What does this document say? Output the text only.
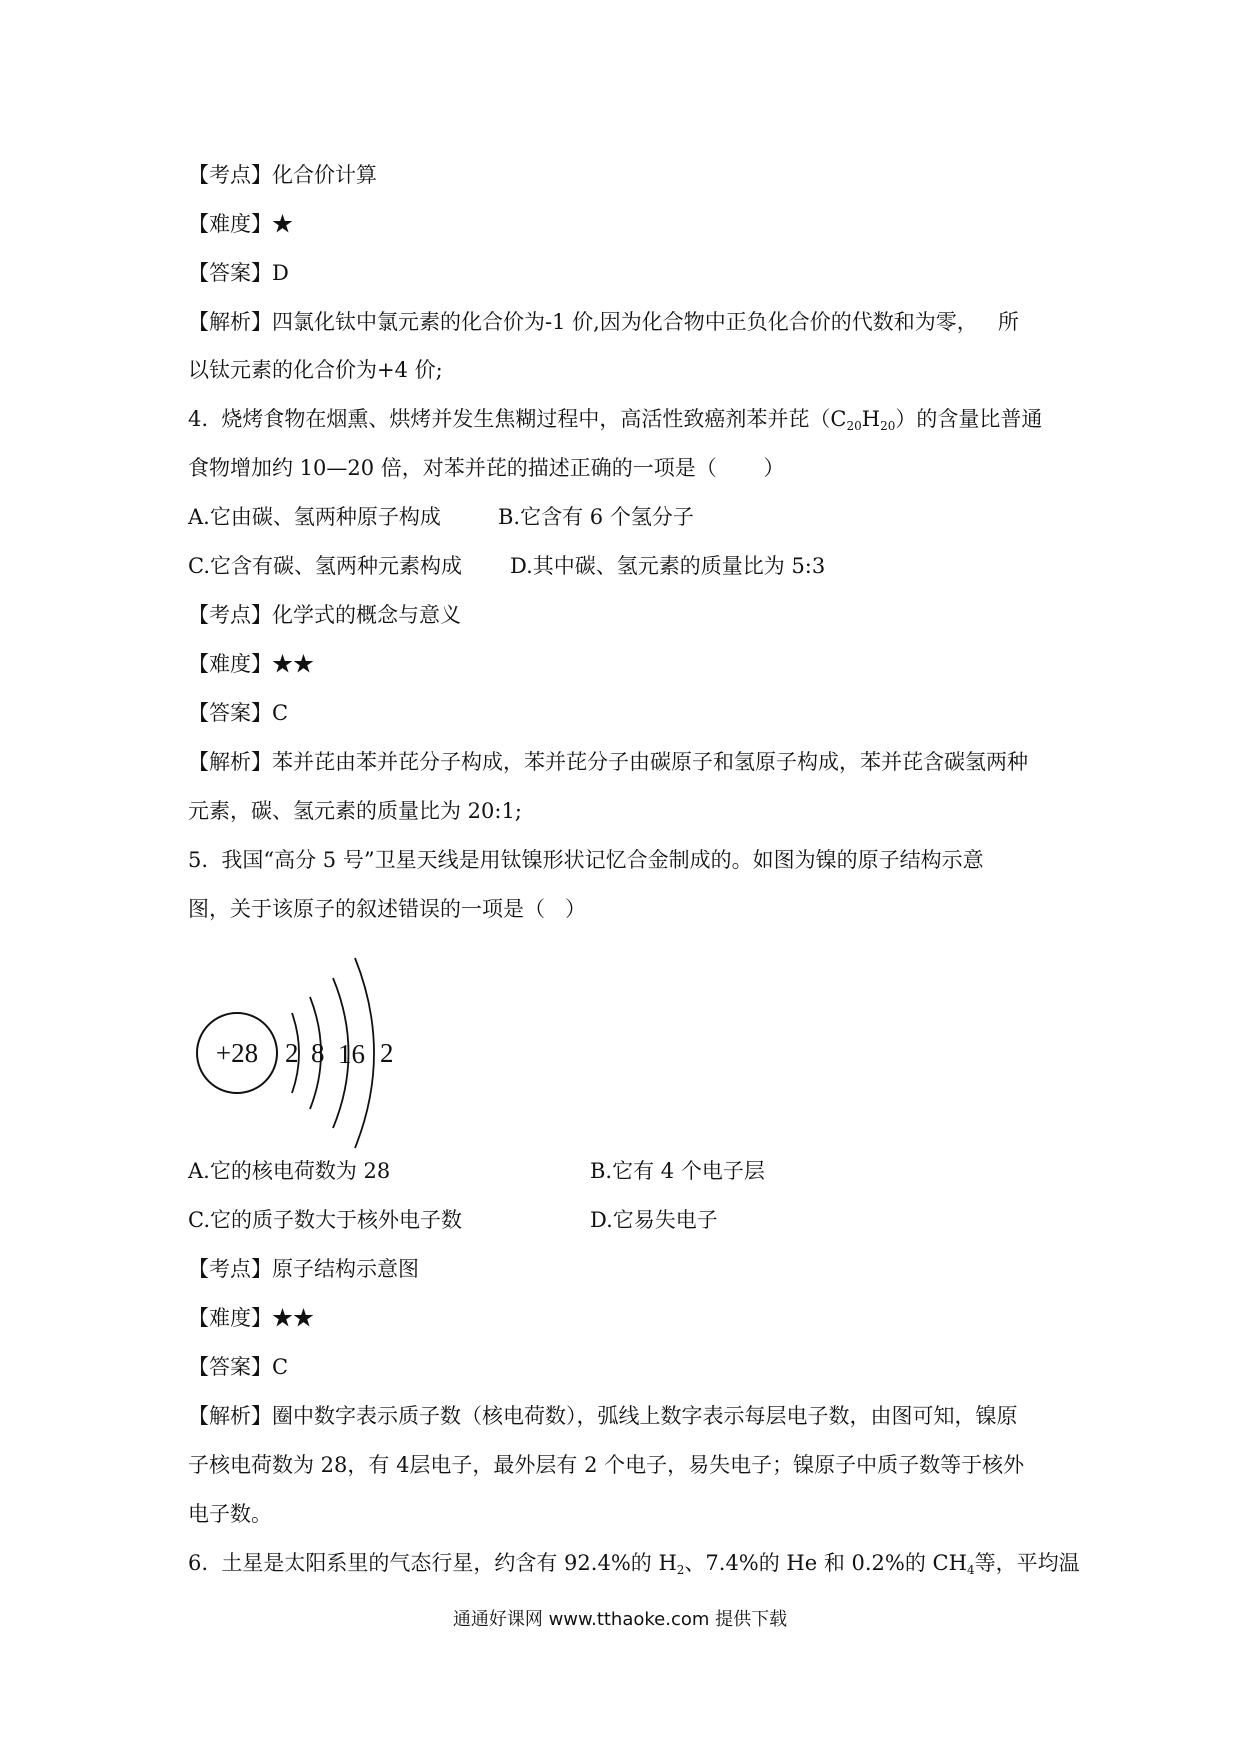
【考点】化合价计算
【难度】★
【答案】D
【解析】四氯化钛中氯元素的化合价为-1 价,因为化合物中正负化合价的代数和为零，   所
以钛元素的化合价为+4 价;
4.  烧烤食物在烟熏、烘烤并发生焦糊过程中，高活性致癌剂苯并芘$(C_{20}H_{20})$的含量比普通
食物增加约 10—20 倍，对苯并芘的描述正确的一项是（       ）
A.它由碳、氢两种原子构成	B.它含有 6 个氢分子
C.它含有碳、氢两种元素构成 D.其中碳、氢元素的质量比为 5:3
【考点】化学式的概念与意义
【难度】★★
【答案】C
【解析】苯并芘由苯并芘分子构成，苯并芘分子由碳原子和氢原子构成，苯并芘含碳氢两种
元素，碳、氢元素的质量比为 20:1;
5.  我国“高分 5 号”卫星天线是用钛镍形状记忆合金制成的。如图为镍的原子结构示意
图，关于该原子的叙述错误的一项是（   ）
+28 2 8 16 2
A.它的核电荷数为 28	B.它有 4 个电子层
C.它的质子数大于核外电子数	D.它易失电子
【考点】原子结构示意图
【难度】★★
【答案】C
【解析】圈中数字表示质子数（核电荷数），弧线上数字表示每层电子数，由图可知，镍原
子核电荷数为 28，有 4层电子，最外层有 2 个电子，易失电子；镍原子中质子数等于核外
电子数。
6.  土星是太阳系里的气态行星，约含有 92.4%的 $H_2$、7.4%的 He 和 0.2%的 $CH_4$等，平均温
通通好课网 www.tthaoke.com 提供下载
